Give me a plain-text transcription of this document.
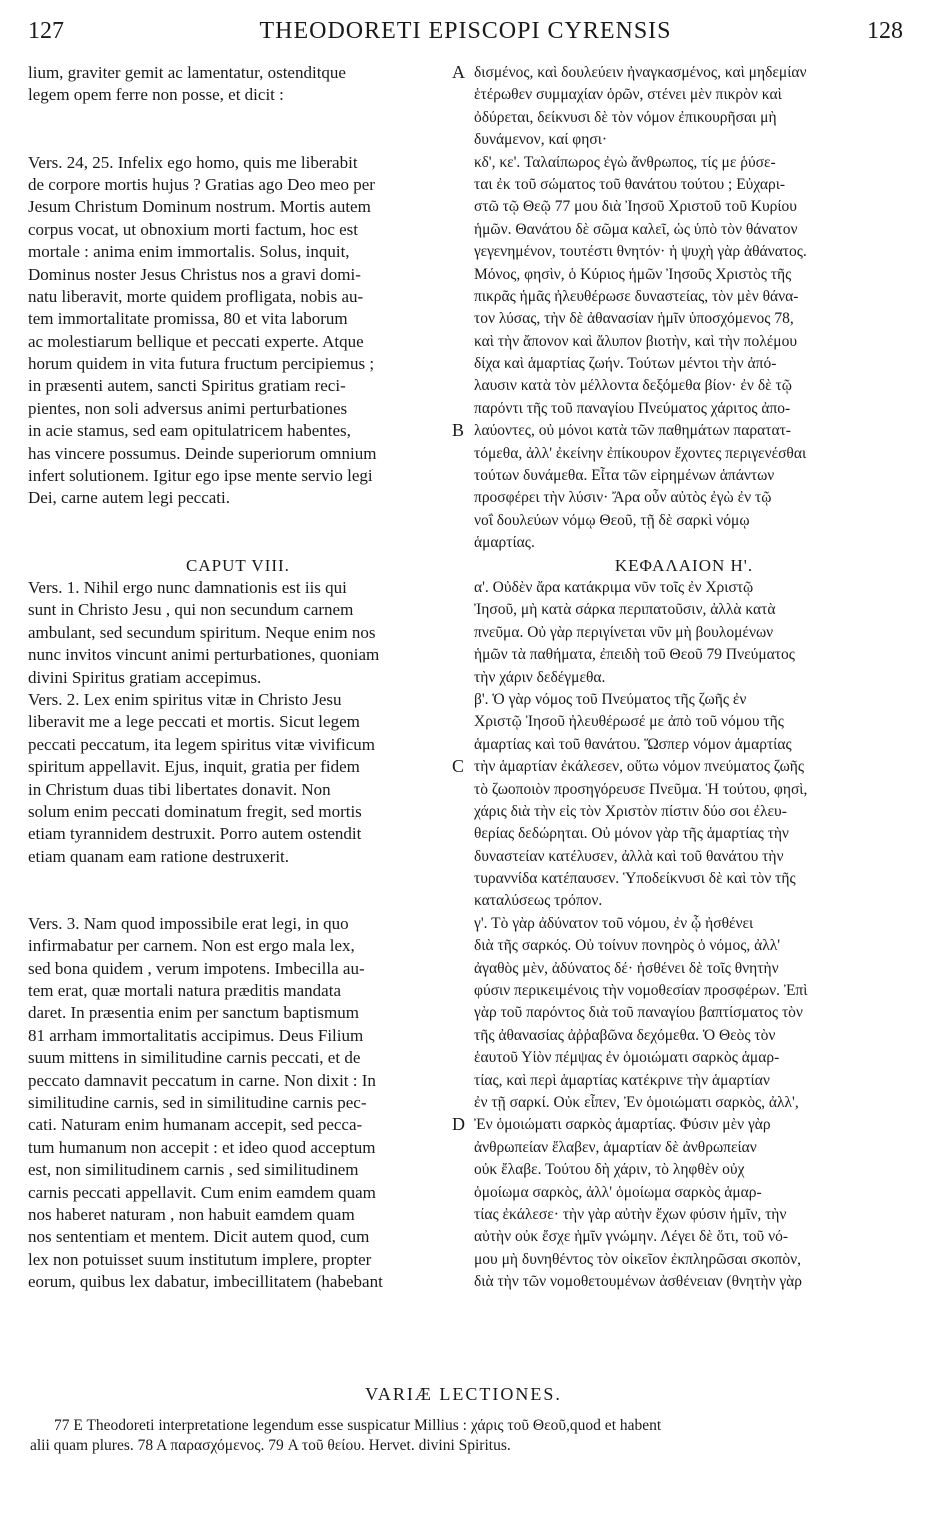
127	THEODORETI EPISCOPI CYRENSIS	128
lium, graviter gemit ac lamentatur, ostenditque
legem opem ferre non posse, et dicit :
Vers. 24, 25. Infelix ego homo, quis me liberabit
de corpore mortis hujus ? Gratias ago Deo meo per
Jesum Christum Dominum nostrum. Mortis autem
corpus vocat, ut obnoxium morti factum, hoc est
mortale : anima enim immortalis. Solus, inquit,
Dominus noster Jesus Christus nos a gravi domi-
natu liberavit, morte quidem profligata, nobis au-
tem immortalitate promissa, 80 et vita laborum
ac molestiarum bellique et peccati experte. Atque
horum quidem in vita futura fructum percipiemus ;
in præsenti autem, sancti Spiritus gratiam reci-
pientes, non soli adversus animi perturbationes
in acie stamus, sed eam opitulatricem habentes,
has vincere possumus. Deinde superiorum omnium
infert solutionem. Igitur ego ipse mente servio legi
Dei, carne autem legi peccati.
CAPUT VIII.
Vers. 1. Nihil ergo nunc damnationis est iis qui
sunt in Christo Jesu , qui non secundum carnem
ambulant, sed secundum spiritum. Neque enim nos
nunc invitos vincunt animi perturbationes, quoniam
divini Spiritus gratiam accepimus.
Vers. 2. Lex enim spiritus vitæ in Christo Jesu
liberavit me a lege peccati et mortis. Sicut legem
peccati peccatum, ita legem spiritus vitæ vivificum
spiritum appellavit. Ejus, inquit, gratia per fidem
in Christum duas tibi libertates donavit. Non
solum enim peccati dominatum fregit, sed mortis
etiam tyrannidem destruxit. Porro autem ostendit
etiam quanam eam ratione destruxerit.
Vers. 3. Nam quod impossibile erat legi, in quo
infirmabatur per carnem. Non est ergo mala lex,
sed bona quidem , verum impotens. Imbecilla au-
tem erat, quæ mortali natura præditis mandata
daret. In præsentia enim per sanctum baptismum
81 arrham immortalitatis accipimus. Deus Filium
suum mittens in similitudine carnis peccati, et de
peccato damnavit peccatum in carne. Non dixit : In
similitudine carnis, sed in similitudine carnis pec-
cati. Naturam enim humanam accepit, sed pecca-
tum humanum non accepit : et ideo quod acceptum
est, non similitudinem carnis , sed similitudinem
carnis peccati appellavit. Cum enim eamdem quam
nos haberet naturam , non habuit eamdem quam
nos sententiam et mentem. Dicit autem quod, cum
lex non potuisset suum institutum implere, propter
eorum, quibus lex dabatur, imbecillitatem (habebant
δισμένος, καὶ δουλεύειν ἠναγκασμένος, καὶ μηδεμίαν
ἑτέρωθεν συμμαχίαν ὁρῶν, στένει μὲν πικρὸν καὶ
ὀδύρεται, δείκνυσι δὲ τὸν νόμον ἐπικουρῆσαι μὴ
δυνάμενον, καί φησι·
κδ', κε'. Ταλαίπωρος ἐγὼ ἄνθρωπος, τίς με ῥύσε-
ται ἐκ τοῦ σώματος τοῦ θανάτου τούτου ; Εὐχαρι-
στῶ τῷ Θεῷ 77 μου διὰ Ἰησοῦ Χριστοῦ τοῦ Κυρίου
ἡμῶν. Θανάτου δὲ σῶμα καλεῖ, ὡς ὑπὸ τὸν θάνατον
γεγενημένον, τουτέστι θνητόν· ἡ ψυχὴ γὰρ ἀθάνατος.
Μόνος, φησὶν, ὁ Κύριος ἡμῶν Ἰησοῦς Χριστὸς τῆς
πικρᾶς ἡμᾶς ἠλευθέρωσε δυναστείας, τὸν μὲν θάνα-
τον λύσας, τὴν δὲ ἀθανασίαν ἡμῖν ὑποσχόμενος 78,
καὶ τὴν ἄπονον καὶ ἄλυπον βιοτὴν, καὶ τὴν πολέμου
δίχα καὶ ἁμαρτίας ζωήν. Τούτων μέντοι τὴν ἀπό-
λαυσιν κατὰ τὸν μέλλοντα δεξόμεθα βίον· ἐν δὲ τῷ
παρόντι τῆς τοῦ παναγίου Πνεύματος χάριτος ἀπο-
λαύοντες, οὐ μόνοι κατὰ τῶν παθημάτων παρατατ-
τόμεθα, ἀλλ' ἐκείνην ἐπίκουρον ἔχοντες περιγενέσθαι
τούτων δυνάμεθα. Εἶτα τῶν εἰρημένων ἁπάντων
προσφέρει τὴν λύσιν· Ἄρα οὖν αὐτὸς ἐγὼ ἐν τῷ
νοΐ δουλεύων νόμῳ Θεοῦ, τῇ δὲ σαρκὶ νόμῳ
ἁμαρτίας.
ΚΕΦΑΛΑΙΟΝ Η'.
α'. Οὐδὲν ἄρα κατάκριμα νῦν τοῖς ἐν Χριστῷ
Ἰησοῦ, μὴ κατὰ σάρκα περιπατοῦσιν, ἀλλὰ κατὰ
πνεῦμα. Οὐ γὰρ περιγίνεται νῦν μὴ βουλομένων
ἡμῶν τὰ παθήματα, ἐπειδὴ τοῦ Θεοῦ 79 Πνεύματος
τὴν χάριν δεδέγμεθα.
β'. Ὁ γὰρ νόμος τοῦ Πνεύματος τῆς ζωῆς ἐν
Χριστῷ Ἰησοῦ ἠλευθέρωσέ με ἀπὸ τοῦ νόμου τῆς
ἁμαρτίας καὶ τοῦ θανάτου. Ὥσπερ νόμον ἁμαρτίας
τὴν ἁμαρτίαν ἐκάλεσεν, οὕτω νόμον πνεύματος ζωῆς
τὸ ζωοποιὸν προσηγόρευσε Πνεῦμα. Ἡ τούτου, φησὶ,
χάρις διὰ τὴν εἰς τὸν Χριστὸν πίστιν δύο σοι ἐλευ-
θερίας δεδώρηται. Οὐ μόνον γὰρ τῆς ἁμαρτίας τὴν
δυναστείαν κατέλυσεν, ἀλλὰ καὶ τοῦ θανάτου τὴν
τυραννίδα κατέπαυσεν. Ὑποδείκνυσι δὲ καὶ τὸν τῆς
καταλύσεως τρόπον.
γ'. Τὸ γὰρ ἀδύνατον τοῦ νόμου, ἐν ᾧ ἠσθένει
διὰ τῆς σαρκός. Οὐ τοίνυν πονηρὸς ὁ νόμος, ἀλλ'
ἀγαθὸς μὲν, ἀδύνατος δέ· ἠσθένει δὲ τοῖς θνητὴν
φύσιν περικειμένοις τὴν νομοθεσίαν προσφέρων. Ἐπὶ
γὰρ τοῦ παρόντος διὰ τοῦ παναγίου βαπτίσματος τὸν
τῆς ἀθανασίας ἀῤῥαβῶνα δεχόμεθα. Ὁ Θεὸς τὸν
ἑαυτοῦ Υἱὸν πέμψας ἐν ὁμοιώματι σαρκὸς ἁμαρ-
τίας, καὶ περὶ ἁμαρτίας κατέκρινε τὴν ἁμαρτίαν
ἐν τῇ σαρκί. Οὐκ εἶπεν, Ἐν ὁμοιώματι σαρκὸς, ἀλλ',
Ἐν ὁμοιώματι σαρκὸς ἁμαρτίας. Φύσιν μὲν γὰρ
ἀνθρωπείαν ἔλαβεν, ἁμαρτίαν δὲ ἀνθρωπείαν
οὐκ ἔλαβε. Τούτου δὴ χάριν, τὸ ληφθὲν οὐχ
ὁμοίωμα σαρκὸς, ἀλλ' ὁμοίωμα σαρκὸς ἁμαρ-
τίας ἐκάλεσε· τὴν γὰρ αὐτὴν ἔχων φύσιν ἡμῖν, τὴν
αὐτὴν οὐκ ἔσχε ἡμῖν γνώμην. Λέγει δὲ ὅτι, τοῦ νό-
μου μὴ δυνηθέντος τὸν οἰκεῖον ἐκπληρῶσαι σκοπὸν,
διὰ τὴν τῶν νομοθετουμένων ἀσθένειαν (θνητὴν γὰρ
A
B
C
D
VARIÆ LECTIONES.
77 E Theodoreti interpretatione legendum esse suspicatur Millius : χάρις τοῦ Θεοῦ,quod et habent
alii quam plures. 78 A παρασχόμενος. 79 A τοῦ θείου. Hervet. divini Spiritus.
